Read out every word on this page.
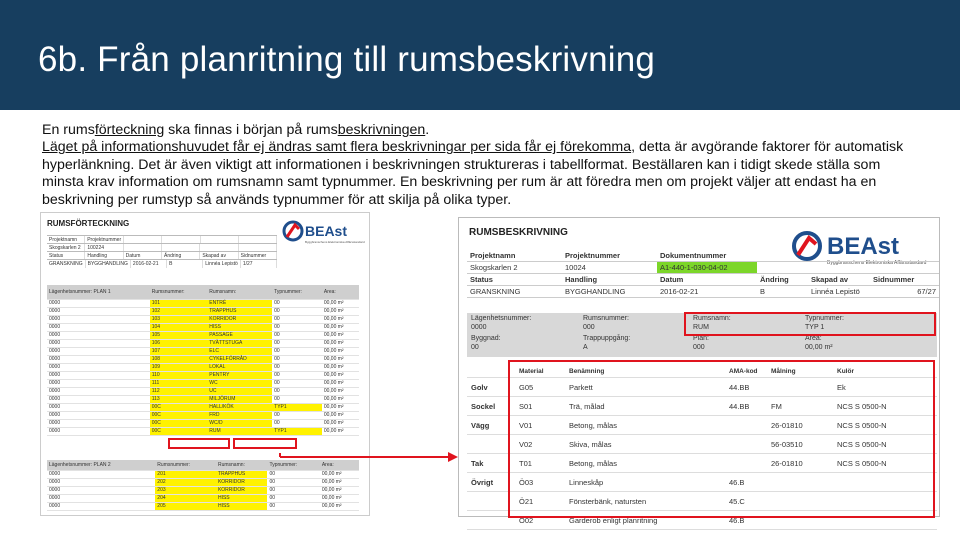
6b. Från planritning till rumsbeskrivning

En rumsförteckning ska finnas i början på rumsbeskrivningen.

Läget på informationshuvudet får ej ändras samt flera beskrivningar per sida får ej förekomma, detta är avgörande faktorer för automatisk hyperlänkning. Det är även viktigt att informationen i beskrivningen struktureras i tabellformat. Beställaren kan i tidigt skede ställa som minsta krav information om rumsnamn samt typnummer. En beskrivning per rum är att föredra men om projekt väljer att endast ha en beskrivning per rumstyp så används typnummer för att skilja på olika typer.

RUMSFÖRTECKNING	BEAst
Byggbranschens Elektroniska Affärsstandard
Projektnamn	Projektnummer
Skogskarlen 2	100224
Status	Handling	Datum	Ändring	Skapad av	Sidnummer
GRANSKNING	BYGGHANDLING	2016-02-21	B	Linnéa Lepistö	1/27
Lägenhetsnummer: PLAN 1	Rumsnummer:	Rumsnamn:	Typnummer:	Area:
0000	101	ENTRÉ	00	00,00 m²
0000	102	TRAPPHUS	00	00,00 m²
0000	103	KORRIDOR	00	00,00 m²
0000	104	HISS	00	00,00 m²
0000	105	PASSAGE	00	00,00 m²
0000	106	TVÄTTSTUGA	00	00,00 m²
0000	107	ELC	00	00,00 m²
0000	108	CYKELFÖRRÅD	00	00,00 m²
0000	109	LOKAL	00	00,00 m²
0000	110	PENTRY	00	00,00 m²
0000	111	WC	00	00,00 m²
0000	112	UC	00	00,00 m²
0000	113	MILJÖRUM	00	00,00 m²
0000	00C	HALL/KÖK	TYP1	00,00 m²
0000	00C	FRD	00	00,00 m²
0000	00C	WC/D	00	00,00 m²
0000	00C	RUM	TYP1	00,00 m²
Lägenhetsnummer: PLAN 2	Rumsnummer:	Rumsnamn:	Typnummer:	Area:
0000	201	TRAPPHUS	00	00,00 m²
0000	202	KORRIDOR	00	00,00 m²
0000	203	KORRIDOR	00	00,00 m²
0000	204	HISS	00	00,00 m²
0000	205	HISS	00	00,00 m²
RUMSBESKRIVNING
BEAst
Byggbranschens Elektroniska Affärsstandard
Projektnamn	Projektnummer	Dokumentnummer
Skogskarlen 2	10024	A1-440-1-030-04-02
Status	Handling	Datum	Ändring	Skapad av	Sidnummer
GRANSKNING	BYGGHANDLING	2016-02-21	B	Linnéa Lepistö	67/27
Lägenhetsnummer:
0000
Rumsnummer:
000
Rumsnamn:
RUM
Typnummer:
TYP 1
Byggnad:
00
Trappuppgång:
A
Plan:
000
Area:
00,00 m²
	Material	Benämning	AMA-kod	Målning	Kulör
Golv	G05	Parkett	44.BB		Ek
Sockel	S01	Trä, målad	44.BB	FM	NCS S 0500-N
Vägg	V01	Betong, målas		26-01810	NCS S 0500-N
	V02	Skiva, målas		56-03510	NCS S 0500-N
Tak	T01	Betong, målas		26-01810	NCS S 0500-N
Övrigt	Ö03	Linneskåp	46.B		
	Ö21	Fönsterbänk, natursten	45.C		
	Ö02	Garderob enligt planritning	46.B		
